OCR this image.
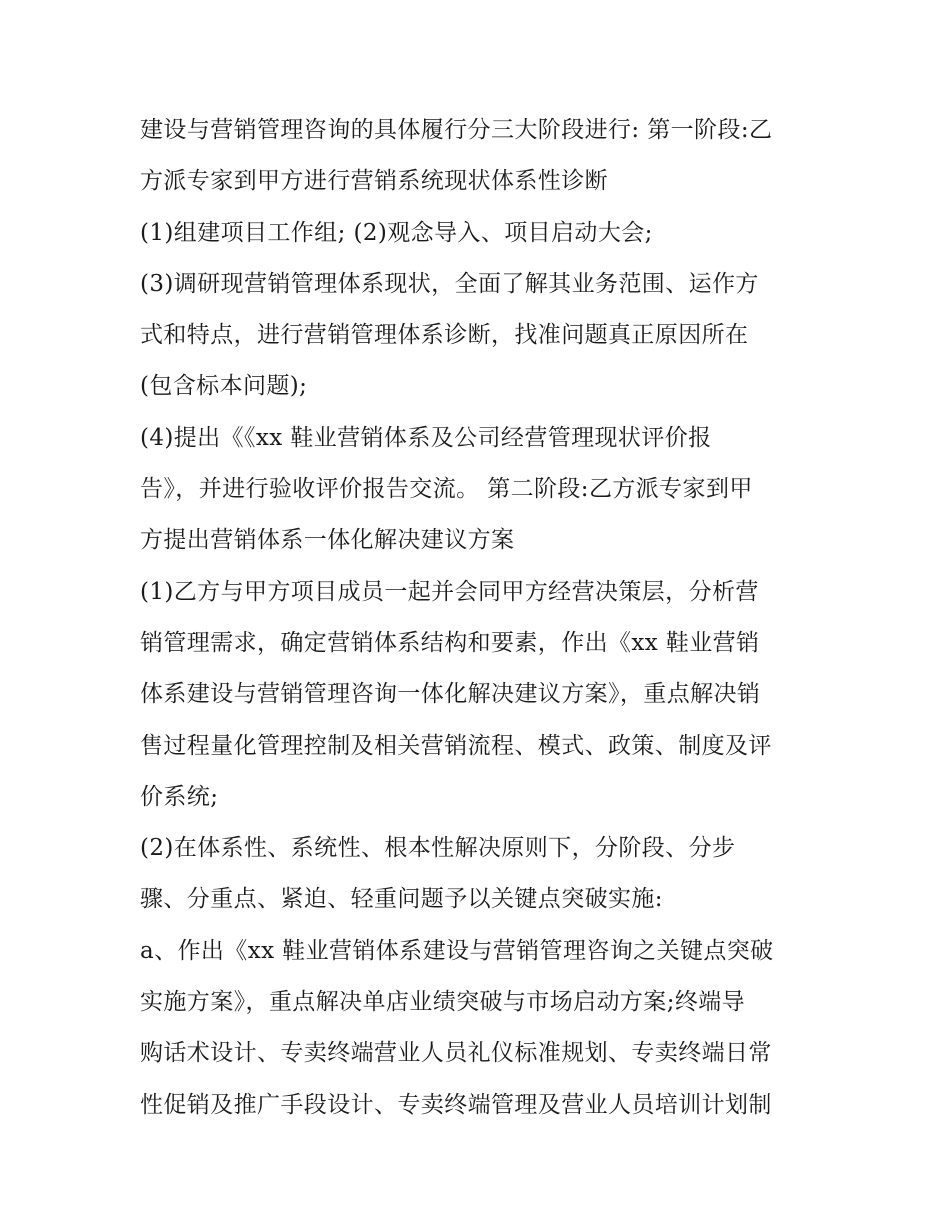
建设与营销管理咨询的具体履行分三大阶段进行: 第一阶段:乙
方派专家到甲方进行营销系统现状体系性诊断
(1)组建项目工作组; (2)观念导入、项目启动大会;
(3)调研现营销管理体系现状，全面了解其业务范围、运作方
式和特点，进行营销管理体系诊断，找准问题真正原因所在
(包含标本问题);
(4)提出《《xx 鞋业营销体系及公司经营管理现状评价报
告》，并进行验收评价报告交流。 第二阶段:乙方派专家到甲
方提出营销体系一体化解决建议方案
(1)乙方与甲方项目成员一起并会同甲方经营决策层，分析营
销管理需求，确定营销体系结构和要素，作出《xx 鞋业营销
体系建设与营销管理咨询一体化解决建议方案》，重点解决销
售过程量化管理控制及相关营销流程、模式、政策、制度及评
价系统;
(2)在体系性、系统性、根本性解决原则下，分阶段、分步
骤、分重点、紧迫、轻重问题予以关键点突破实施:
a、作出《xx 鞋业营销体系建设与营销管理咨询之关键点突破
实施方案》，重点解决单店业绩突破与市场启动方案;终端导
购话术设计、专卖终端营业人员礼仪标准规划、专卖终端日常
性促销及推广手段设计、专卖终端管理及营业人员培训计划制
